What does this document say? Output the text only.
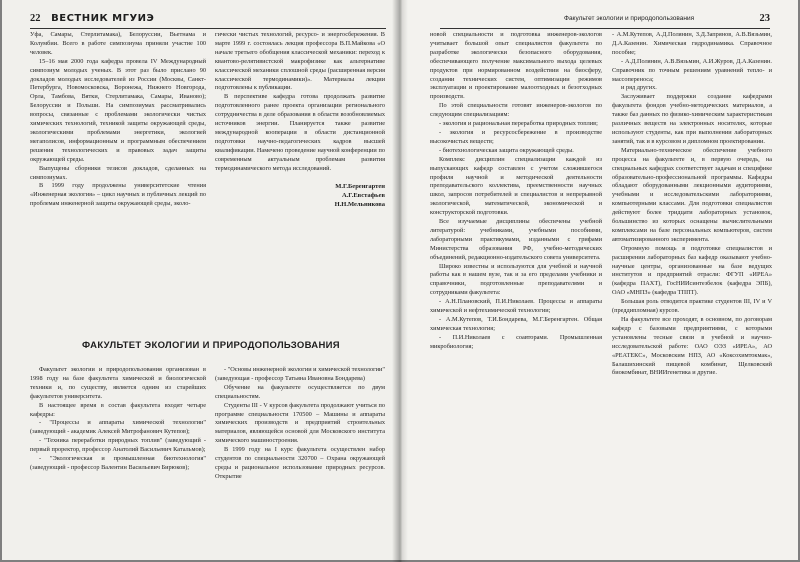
22 ВЕСТНИК МГУИЭ

Уфа, Самары, Стерлитамака), Белоруссии, Вьетнама и Колумбии. Всего в работе симпозиума приняли участие 100 человек.

15–16 мая 2000 года кафедра провела IV Международный симпозиум молодых ученых. В этот раз было прислано 90 докладов молодых исследователей из России (Москвы, Санкт-Петербурга, Новомосковска, Воронежа, Нижнего Новгорода, Орла, Тамбова, Вятки, Стерлитамака, Самары, Иваново); Белоруссии и Польши. На симпозиумах рассматривались вопросы, связанные с проблемами экологически чистых химических технологий, техникой защиты окружающей среды, экологическими проблемами энергетики, экологией мегаполисов, информационным и программным обеспечением решения технологических и правовых задач защиты окружающей среды.

Выпущены сборники тезисов докладов, сделанных на симпозиумах.

В 1999 году продолжены университетские чтения «Инженерная экология» – цикл научных и публичных лекций по проблемам инженерной защиты окружающей среды, эколо-

гически чистых технологий, ресурсо- и энергосбережения. В марте 1999 г. состоялась лекция профессора В.П.Майкова «О начале третьего обобщения классической механики: переход к квантово-релятивистской макрофизике как альтернативе классической механики сплошной среды (расширенная версия классической термодинамики)». Материалы лекции подготовлены к публикации.

В перспективе кафедра готова продолжать развитие подготовленного ранее проекта организации регионального сотрудничества в деле образования в области возобновляемых источников энергии. Планируется также развитие международной кооперации в области дистанционной подготовки научно-педагогических кадров высшей квалификации. Намечено проведение научной конференции по современным актуальным проблемам развития термодинамического метода исследований.

М.Г.Беренгартен
А.Г.Евстафьев
Н.Н.Мельникова
ФАКУЛЬТЕТ ЭКОЛОГИИ И ПРИРОДОПОЛЬЗОВАНИЯ

Факультет экологии и природопользования организован в 1998 году на базе факультета химической и биологической техники и, по существу, является одним из старейших факультетов университета.

В настоящее время в состав факультета входят четыре кафедры:

- "Процессы и аппараты химической технологии" (заведующий - академик Алексей Митрофанович Кутепов);

- "Техника переработки природных топлив" (заведующий - первый проректор, профессор Анатолий Васильевич Катальмов);

- "Экологическая и промышленная биотехнология" (заведующий - профессор Валентин Васильевич Бирюков);

- "Основы инженерной экологии и химической технологии" (заведующая - профессор Татьяна Ивановна Бондарева)

Обучение на факультете осуществляется по двум специальностям.

Студенты III - V курсов факультета продолжают учиться по программе специальности 170500 – Машины и аппараты химических производств и предприятий строительных материалов, являющейся основой для Московского института химического машиностроения.

В 1999 году на I курс факультета осуществлен набор студентов по специальности 320700 – Охрана окружающей среды и рациональное использование природных ресурсов. Открытие

Факультет экологии и природопользования	23

новой специальности и подготовка инженеров-экологов учитывает большой опыт специалистов факультета по разработке экологически безопасного оборудования, обеспечивающего получение максимального выхода целевых продуктов при нормированном воздействии на биосферу, создании технических систем, оптимизации режимов эксплуатации и проектирование малоотходных и безотходных производств.

По этой специальности готовят инженеров-экологов по следующим специализациям:

- экология и рациональная переработка природных топлив;

- экология и ресурсосбережение в производстве высокочистых веществ;

- биотехнологическая защита окружающей среды.

Комплекс дисциплин специализации каждой из выпускающих кафедр составлен с учетом сложившегося профиля научной и методической деятельности преподавательского коллектива, преемственности научных школ, запросов потребителей и специалистов и непрерывной экологической, математической, экономической и конструкторской подготовки.

Все изучаемые дисциплины обеспечены учебной литературой: учебниками, учебными пособиями, лабораторными практикумами, изданными с грифами Министерства образования РФ, учебно-методических объединений, редакционно-издательского совета университета.

Широко известны и используются для учебной и научной работы как в нашем вузе, так и за его пределами учебники и справочники, подготовленные преподавателями и сотрудниками факультета:

- А.Н.Плановский, П.И.Николаев. Процессы и аппараты химической и нефтехимической технологии;

- А.М.Кутепов, Т.И.Бондарева, М.Г.Беренгартен. Общая химическая технология;

- П.И.Николаев с соавторами. Промышленная микробиология;

- А.М.Кутепов, А.Д.Полянин, З.Д.Запрянов, А.В.Вязьмин, Д.А.Казенин. Химическая гидродинамика. Справочное пособие;

- А.Д.Полянин, А.В.Вязьмин, А.И.Журов, Д.А.Казенин. Справочник по точным решениям уравнений тепло- и массопереноса;

и ряд других.

Заслуживает поддержки создание кафедрами факультета фондов учебно-методических материалов, а также баз данных по физико-химическим характеристикам различных веществ на электронных носителях, которые используют студенты, как при выполнении лабораторных занятий, так и в курсовом и дипломном проектировании.

Материально-техническое обеспечение учебного процесса на факультете и, в первую очередь, на специальных кафедрах соответствует задачам и специфике образовательно-профессиональной программы. Кафедры обладают оборудованными лекционными аудиториями, учебными и исследовательскими лабораториями, компьютерными классами. Для подготовки специалистов действуют более тридцати лабораторных установок, большинство из которых оснащены вычислительными комплексами на базе персональных компьютеров, систем автоматизированного эксперимента.

Огромную помощь в подготовке специалистов и расширении лабораторных баз кафедр оказывают учебно-научные центры, организованные на базе ведущих институтов и предприятий отрасли: ФГУП «ИРЕА» (кафедра ПАХТ), ГосНИИсинтезбелок (кафедра ЭПБ), ОАО «МНПЗ» (кафедра ТППТ).

Большая роль отводится практике студентов III, IV и V (преддипломная) курсов.

На факультете все проходят, в основном, по договорам кафедр с базовыми предприятиями, с которыми установлены тесные связи в учебной и научно-исследовательской работе: ОАО ОЭЗ «ИРЕА», АО «РЕАТЕКС», Московским НПЗ, АО «Коксохимтокмак», Балашихинский пищевой комбинат, Щелковский биокомбинат, ВНИИгенетика и другие.
